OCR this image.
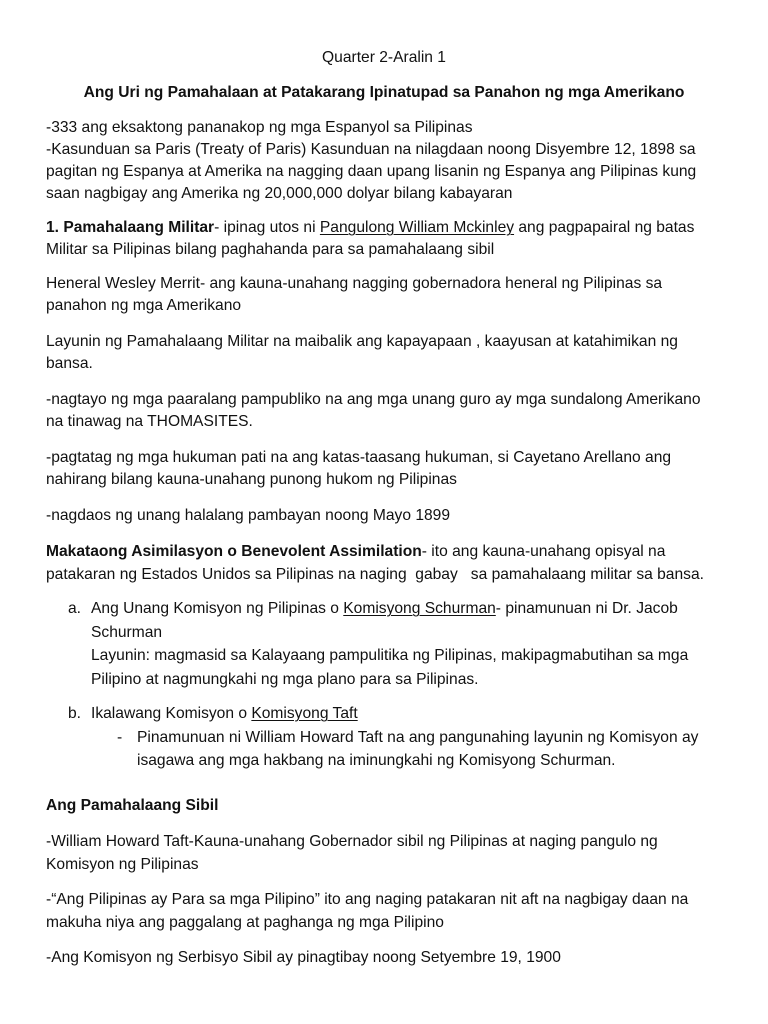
Quarter 2-Aralin 1
Ang Uri ng Pamahalaan at Patakarang Ipinatupad sa Panahon ng mga Amerikano
-333 ang eksaktong pananakop ng mga Espanyol sa Pilipinas
-Kasunduan sa Paris (Treaty of Paris) Kasunduan na nilagdaan noong Disyembre 12, 1898 sa
pagitan ng Espanya at Amerika na nagging daan upang lisanin ng Espanya ang Pilipinas kung
saan nagbigay ang Amerika ng 20,000,000 dolyar bilang kabayaran
1. Pamahalaang Militar- ipinag utos ni Pangulong William Mckinley ang pagpapairal ng batas
Militar sa Pilipinas bilang paghahanda para sa pamahalaang sibil
Heneral Wesley Merrit- ang kauna-unahang nagging gobernadora heneral ng Pilipinas sa
panahon ng mga Amerikano
Layunin ng Pamahalaang Militar na maibalik ang kapayapaan , kaayusan at katahimikan ng
bansa.
-nagtayo ng mga paaralang pampubliko na ang mga unang guro ay mga sundalong Amerikano
na tinawag na THOMASITES.
-pagtatag ng mga hukuman pati na ang katas-taasang hukuman, si Cayetano Arellano ang
nahirang bilang kauna-unahang punong hukom ng Pilipinas
-nagdaos ng unang halalang pambayan noong Mayo 1899
Makataong Asimilasyon o Benevolent Assimilation- ito ang kauna-unahang opisyal na
patakaran ng Estados Unidos sa Pilipinas na naging  gabay   sa pamahalaang militar sa bansa.
a. Ang Unang Komisyon ng Pilipinas o Komisyong Schurman- pinamunuan ni Dr. Jacob
Schurman
Layunin: magmasid sa Kalayaang pampulitika ng Pilipinas, makipagmabutihan sa mga
Pilipino at nagmungkahi ng mga plano para sa Pilipinas.
b. Ikalawang Komisyon o Komisyong Taft
- Pinamunuan ni William Howard Taft na ang pangunahing layunin ng Komisyon ay
isagawa ang mga hakbang na iminungkahi ng Komisyong Schurman.
Ang Pamahalaang Sibil
-William Howard Taft-Kauna-unahang Gobernador sibil ng Pilipinas at naging pangulo ng
Komisyon ng Pilipinas
-“Ang Pilipinas ay Para sa mga Pilipino” ito ang naging patakaran nit aft na nagbigay daan na
makuha niya ang paggalang at paghanga ng mga Pilipino
-Ang Komisyon ng Serbisyo Sibil ay pinagtibay noong Setyembre 19, 1900
